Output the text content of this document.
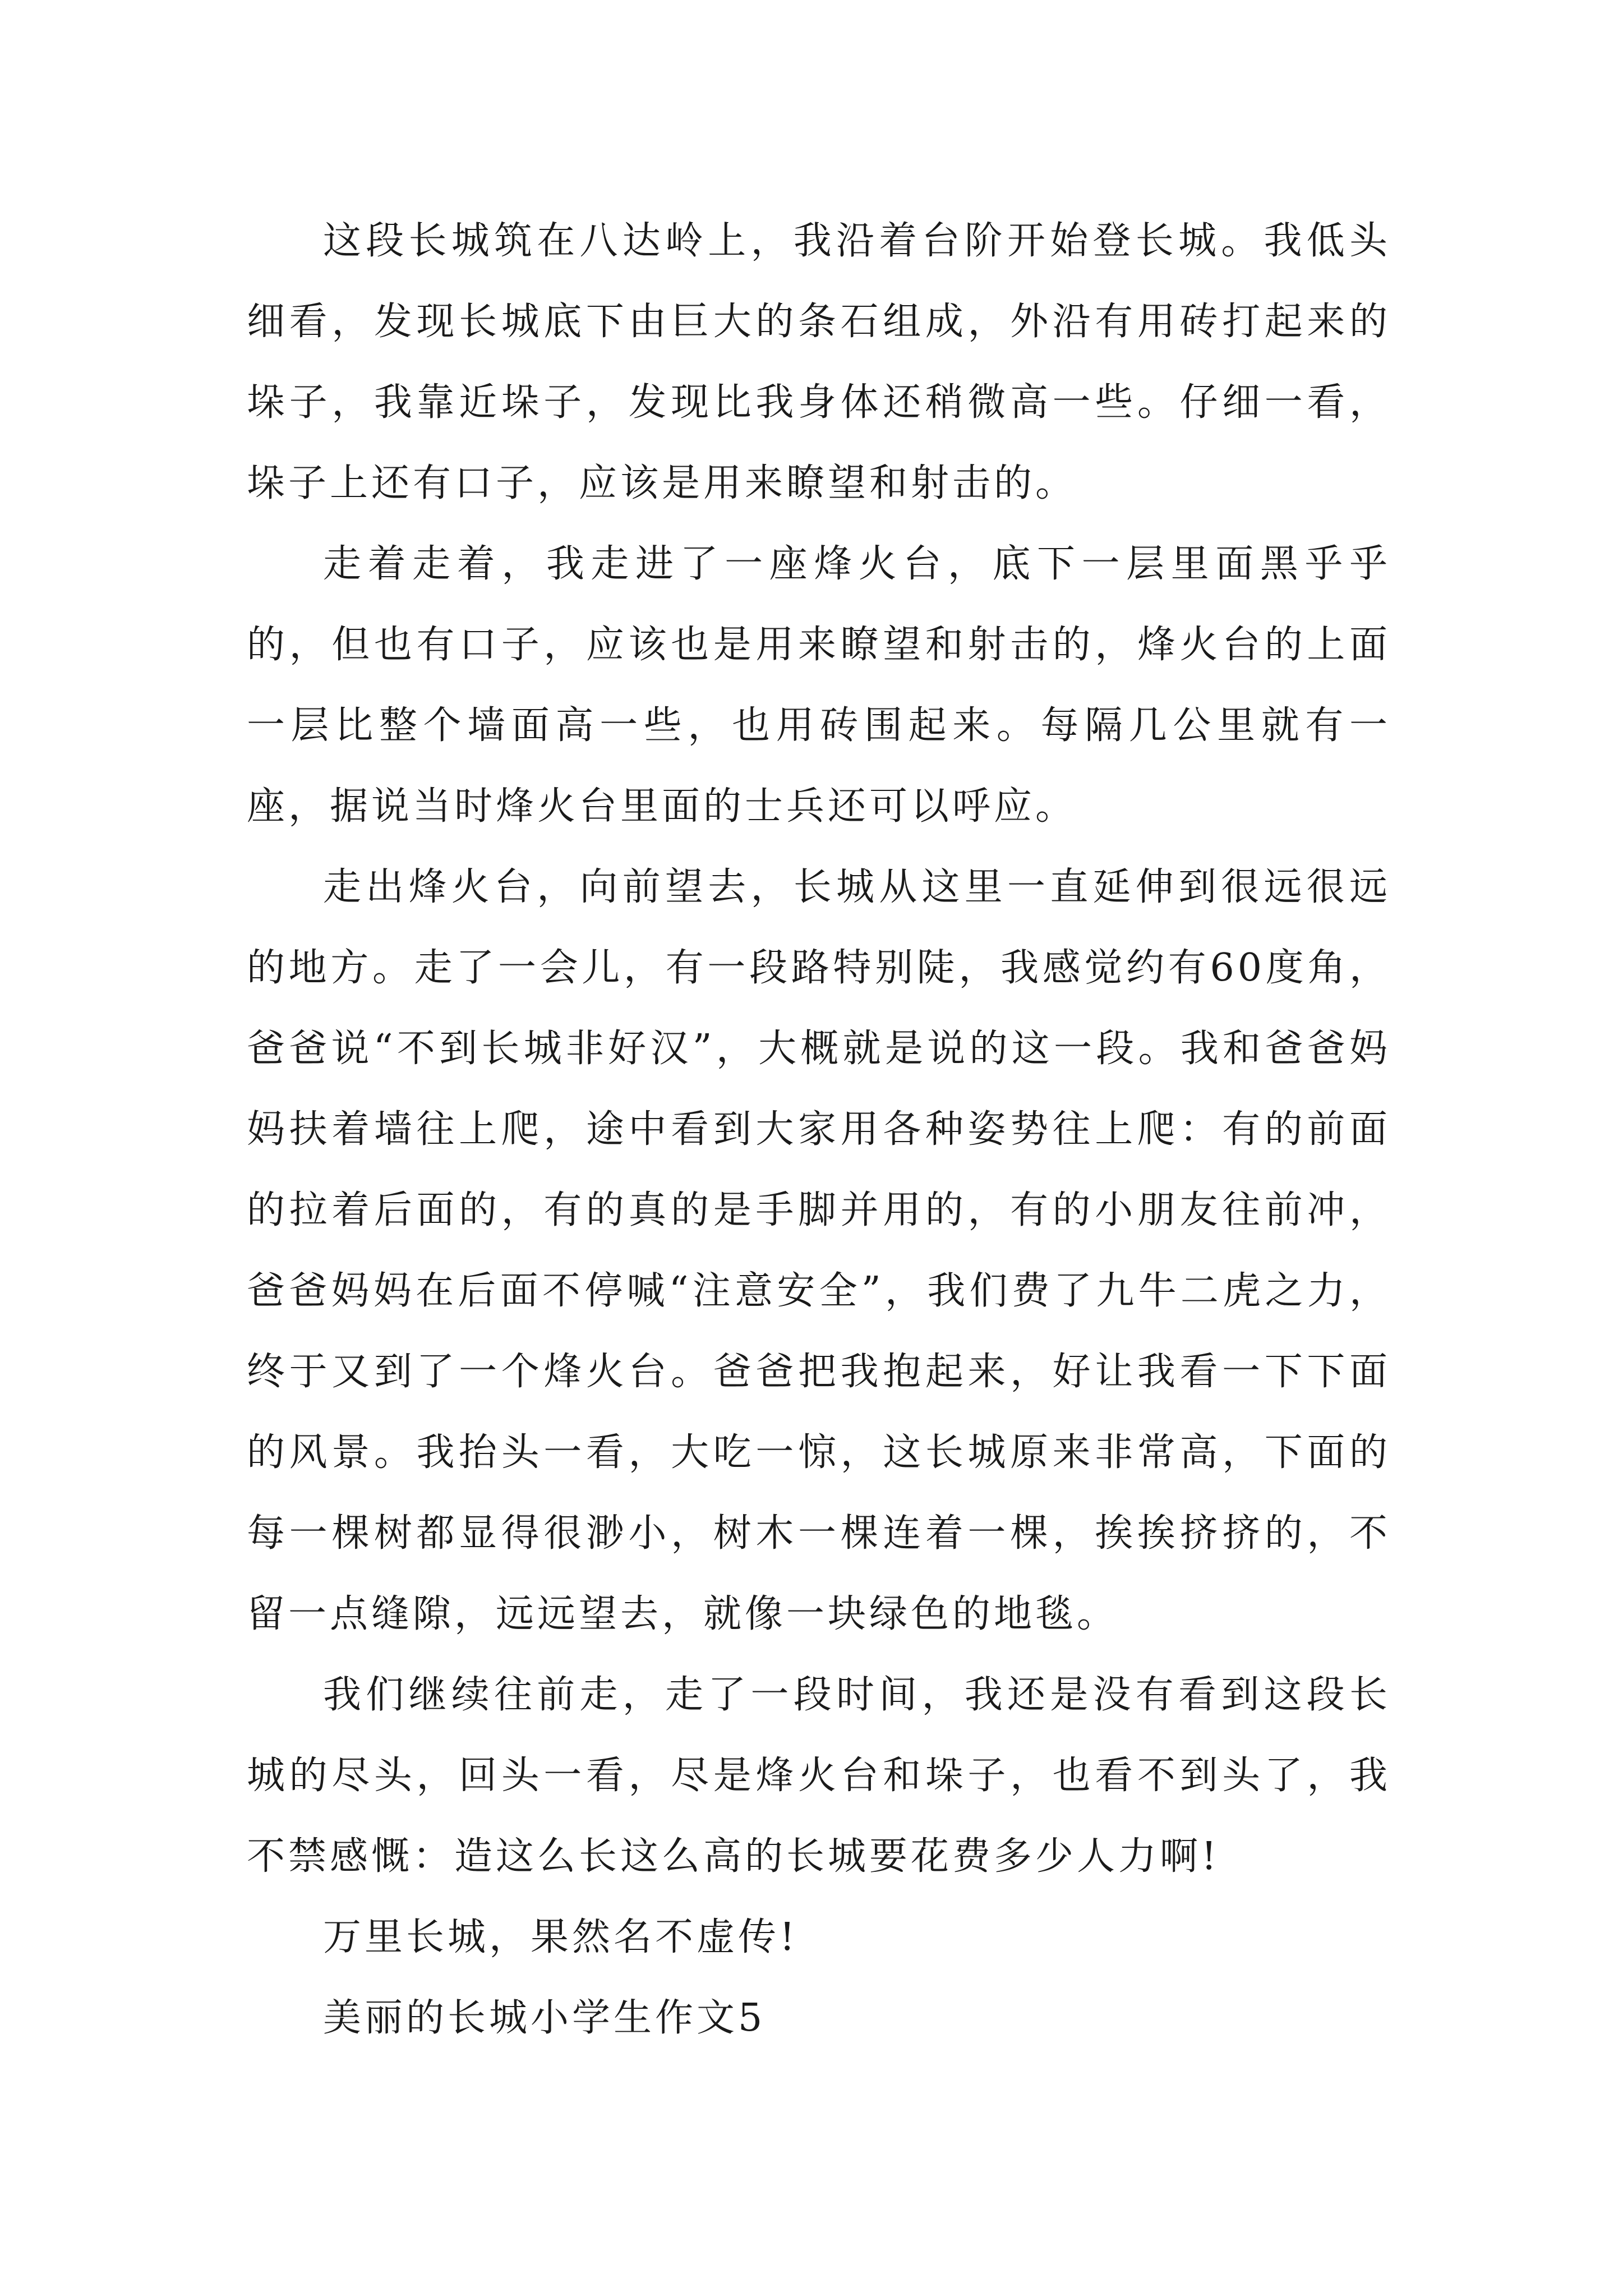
这段长城筑在八达岭上，我沿着台阶开始登长城。我低头细看，发现长城底下由巨大的条石组成，外沿有用砖打起来的垛子，我靠近垛子，发现比我身体还稍微高一些。仔细一看，垛子上还有口子，应该是用来瞭望和射击的。

走着走着，我走进了一座烽火台，底下一层里面黑乎乎的，但也有口子，应该也是用来瞭望和射击的，烽火台的上面一层比整个墙面高一些，也用砖围起来。每隔几公里就有一座，据说当时烽火台里面的士兵还可以呼应。

走出烽火台，向前望去，长城从这里一直延伸到很远很远的地方。走了一会儿，有一段路特别陡，我感觉约有60度角，爸爸说“不到长城非好汉”，大概就是说的这一段。我和爸爸妈妈扶着墙往上爬，途中看到大家用各种姿势往上爬：有的前面的拉着后面的，有的真的是手脚并用的，有的小朋友往前冲，爸爸妈妈在后面不停喊“注意安全”，我们费了九牛二虎之力，终于又到了一个烽火台。爸爸把我抱起来，好让我看一下下面的风景。我抬头一看，大吃一惊，这长城原来非常高，下面的每一棵树都显得很渺小，树木一棵连着一棵，挨挨挤挤的，不留一点缝隙，远远望去，就像一块绿色的地毯。

我们继续往前走，走了一段时间，我还是没有看到这段长城的尽头，回头一看，尽是烽火台和垛子，也看不到头了，我不禁感慨：造这么长这么高的长城要花费多少人力啊!

万里长城，果然名不虚传!

美丽的长城小学生作文5
